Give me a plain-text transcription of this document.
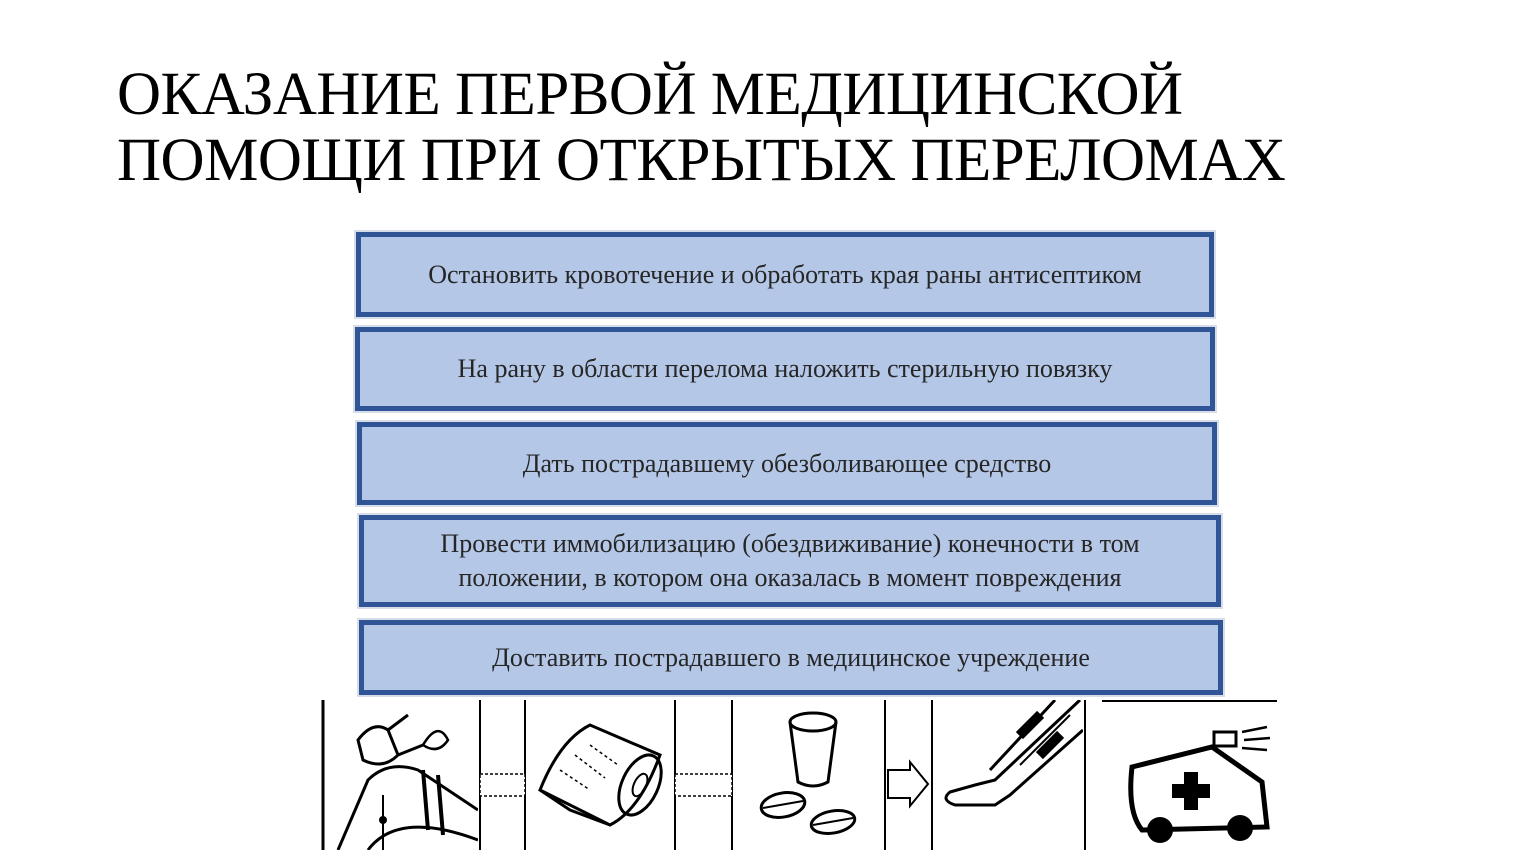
ОКАЗАНИЕ ПЕРВОЙ МЕДИЦИНСКОЙ
ПОМОЩИ ПРИ ОТКРЫТЫХ ПЕРЕЛОМАХ
Остановить кровотечение и обработать края раны антисептиком
На рану в области перелома наложить стерильную повязку
Дать пострадавшему обезболивающее средство
Провести иммобилизацию (обездвиживание) конечности в том положении, в котором она оказалась в момент повреждения
Доставить пострадавшего в медицинское учреждение
